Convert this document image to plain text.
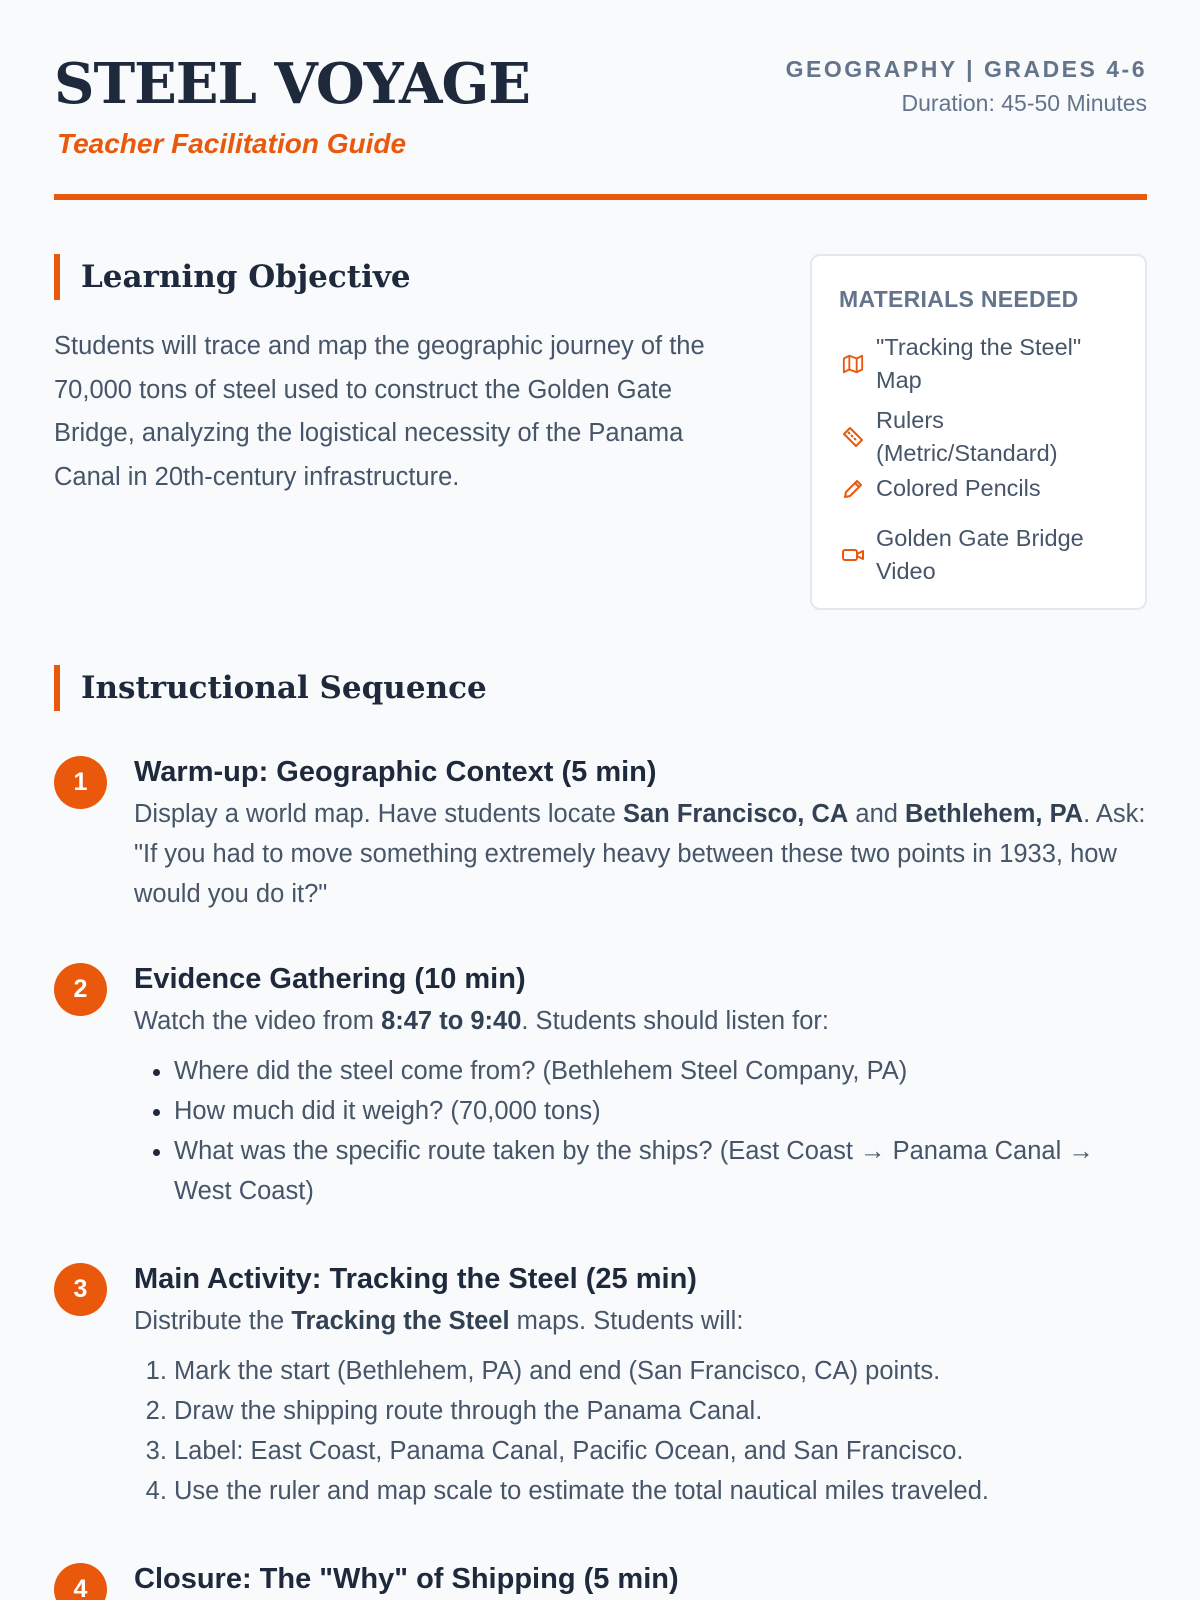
STEEL VOYAGE
Teacher Facilitation Guide
GEOGRAPHY | GRADES 4-6
Duration: 45-50 Minutes
Learning Objective
Students will trace and map the geographic journey of the 70,000 tons of steel used to construct the Golden Gate Bridge, analyzing the logistical necessity of the Panama Canal in 20th-century infrastructure.
MATERIALS NEEDED
"Tracking the Steel" Map
Rulers (Metric/Standard)
Colored Pencils
Golden Gate Bridge Video
Instructional Sequence
1	Warm-up: Geographic Context (5 min)
Display a world map. Have students locate San Francisco, CA and Bethlehem, PA. Ask: "If you had to move something extremely heavy between these two points in 1933, how would you do it?"
2	Evidence Gathering (10 min)
Watch the video from 8:47 to 9:40. Students should listen for:
• Where did the steel come from? (Bethlehem Steel Company, PA)
• How much did it weigh? (70,000 tons)
• What was the specific route taken by the ships? (East Coast → Panama Canal → West Coast)
3	Main Activity: Tracking the Steel (25 min)
Distribute the Tracking the Steel maps. Students will:
1. Mark the start (Bethlehem, PA) and end (San Francisco, CA) points.
2. Draw the shipping route through the Panama Canal.
3. Label: East Coast, Panama Canal, Pacific Ocean, and San Francisco.
4. Use the ruler and map scale to estimate the total nautical miles traveled.
4	Closure: The "Why" of Shipping (5 min)
